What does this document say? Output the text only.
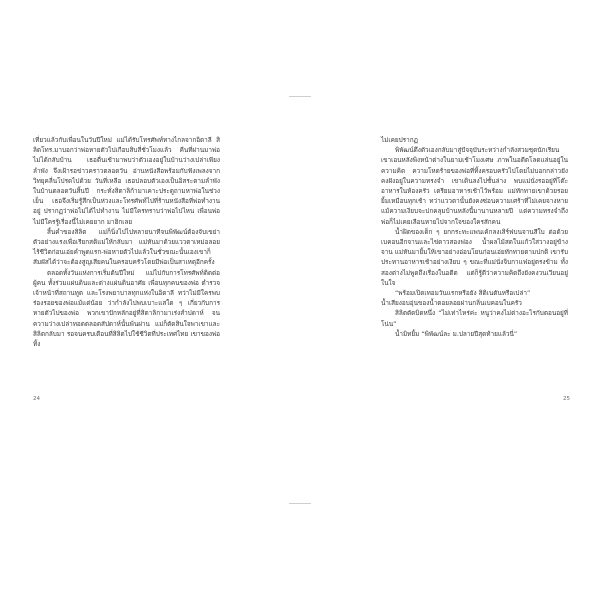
เที่ยวแล้วกับเพื่อนในวันปีใหม่ แม่ได้รับโทรศัพท์ทางไกลจากอิตาลี สิลิตโทร.มาบอกว่าพ่อหายตัวไปเกือบสิบสี่ชั่วโมงแล้ว คืนที่ผ่านมาพ่อไม่ได้กลับบ้าน เธอตื่นเช้ามาพบว่าตัวเองอยู่ในบ้านว่างเปล่าเพียงลำพัง จึงเฝ้ารอข่าวคราวตลอดวัน อ่านหนังสือพร้อมกับฟังเพลงจากวิทยุคลื่นโปรดไปด้วย วันที่เหลือ เธอปลอบตัวเองเป็นอิสระตามลำพังในบ้านตลอดวันสิ้นปี กระทั่งสิตาลิก้ามาเคาะประตูถามหาพ่อในช่วงเย็น เธอจึงเริ่มรู้สึกเป็นห่วงและโทรศัพท์ไปที่ร้านหนังสือที่พ่อทำงานอยู่ ปรากฏว่าพ่อไม่ได้ไปทำงาน ไม่มีใครทราบว่าพ่อไปไหน เพื่อนพ่อไม่มีใครรู้เรื่องนี้ไม่เคยยาก มาฮิกเลย

สิ้นคำของสิลิต แม่ก็นิ่งไปไปหลายนาทีจนพิพัฒน์ต้องจับเขย่าตัวอย่างแรงเพื่อเรียกสติแม่ให้กลับมา แม่หันมาด้วยแววตาเหม่อลอยไร้ชีวิตก่อนเอ่ยคำพูดแรก-พ่อหายตัวไปแล้วในชั่วขณะนั้นเองเขาก็สัมผัสได้ว่าจะต้องสูญเสียคนในครอบครัวโดยมีพ่อเป็นสาเหตุอีกครั้ง

ตลอดทั้งวันแห่งการเริ่มต้นปีใหม่ แม่ไปกับการโทรศัพท์ติดต่อผู้คน ทั้งร่วมแผ่นดินและต่างแผ่นดินอาศัย เพื่อนทุกคนของพ่อ ตำรวจ เจ้าหน้าที่สถานทูต และโรงพยาบาลทุกแห่งในอิตาลี ทว่าไม่มีใครพบร่องรอยของพ่อแม้แต่น้อย ว่ากำลังไปพบเบาะแสใด ๆ เกี่ยวกับการหายตัวไปของพ่อ พวกเขาปักหลักอยู่ที่สิตาลิกามาเร่งสำปดาห์ จนความว่างเปล่าทอดตลอดสัปดาห์นั้นพ้นผ่าน แม่ก็ตัดสินใจพาเขาและสิลิตกลับมา รอจนครบเดือนที่สิลิตไปใช้ชีวิตที่ประเทศไทย เขาของพ่อทิ้ง

ไม่เคยปรากฏ

พิพัฒน์ดึงตัวเองกลับมาสู่ปัจจุบันระหว่างกำลังสวมชุดนักเรียนเขาเอนหลังพิงหน้าต่างในยามเช้าโมงเศษ ภาพในอดีตโลดแล่นอยู่ในความคิด ความโหดร้ายของพ่อที่ทิ้งครอบครัวไปโดยไม่บอกกล่าวยังคงฝังอยู่ในความทรงจำ เขาเดินลงไปชั้นล่าง พบแม่นั่งรออยู่ที่โต๊ะอาหารในห้องครัว เตรียมอาหารเช้าไว้พร้อม แม่ทักทายเขาด้วยรอยยิ้มเหมือนทุกเช้า ทว่าแววตานั้นยังคงซ่อนความเศร้าที่ไม่เคยจางหาย แม้ความเงียบจะปกคลุมบ้านหลังนี้มานานหลายปี แต่ความทรงจำถึงพ่อก็ไม่เคยเลือนหายไปจากใจของใครสักคน

น้ำฝิดของเด็ก ๆ ยกกระทะแพนเค้กลงเสิร์ฟบนจานสีใบ ต่อด้วยเบคอนอีกจานและไข่ดาวสองฟอง น้ำผลไม้สดในแก้วใสวางอยู่ข้างจาน แม่หันมายิ้มให้เขาอย่างอ่อนโยนก่อนเอ่ยทักทายตามปกติ เขารับประทานอาหารเช้าอย่างเงียบ ๆ ขณะที่แม่นั่งจิบกาแฟอยู่ตรงข้าม ทั้งสองต่างไม่พูดถึงเรื่องในอดีต แต่ก็รู้ดีว่าความคิดถึงยังคงวนเวียนอยู่ในใจ

“พร้อมเปิดเทอมวันแรกหรือยัง สิติเนตันหรือเปล่า”

น้ำเสียงอบอุ่นของน้ำตอยลอยผ่านกลิ่นเบคอนในครัว

สิลิตตัดบิดหนึ่ง “ไม่เท่าไหร่ค่ะ หนูว่าคงไม่ต่างอะไรกับตอนอยู่ที่โน่น”

น้ำมิทยิ้ม “พิพัฒน์ละ ม.ปลายปีสุดท้ายแล้วนี่”

24	25
